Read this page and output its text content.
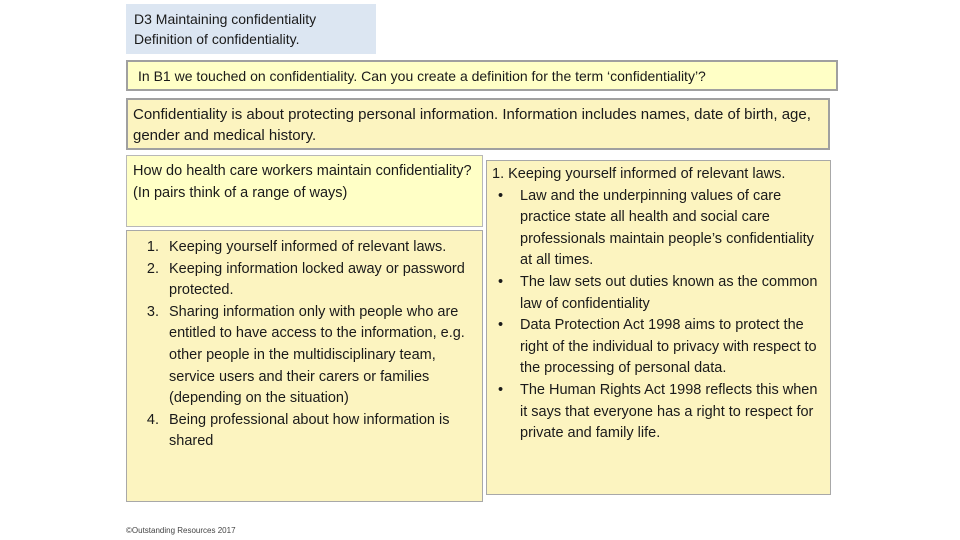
D3 Maintaining confidentiality
Definition of confidentiality.
In B1 we touched on confidentiality. Can you create a definition for the term ‘confidentiality’?
Confidentiality is about protecting personal information. Information includes names, date of birth, age, gender and medical history.
How do health care workers maintain confidentiality? (In pairs think of a range of ways)
1. Keeping yourself informed of relevant laws.
2. Keeping information locked away or password protected.
3. Sharing information only with people who are entitled to have access to the information, e.g. other people in the multidisciplinary team, service users and their carers or families (depending on the situation)
4. Being professional about how information is shared
1. Keeping yourself informed of relevant laws.
• Law and the underpinning values of care practice state all health and social care professionals maintain people’s confidentiality at all times.
• The law sets out duties known as the common law of confidentiality
• Data Protection Act 1998 aims to protect the right of the individual to privacy with respect to the processing of personal data.
• The Human Rights Act 1998 reflects this when it says that everyone has a right to respect for private and family life.
©Outstanding Resources 2017
